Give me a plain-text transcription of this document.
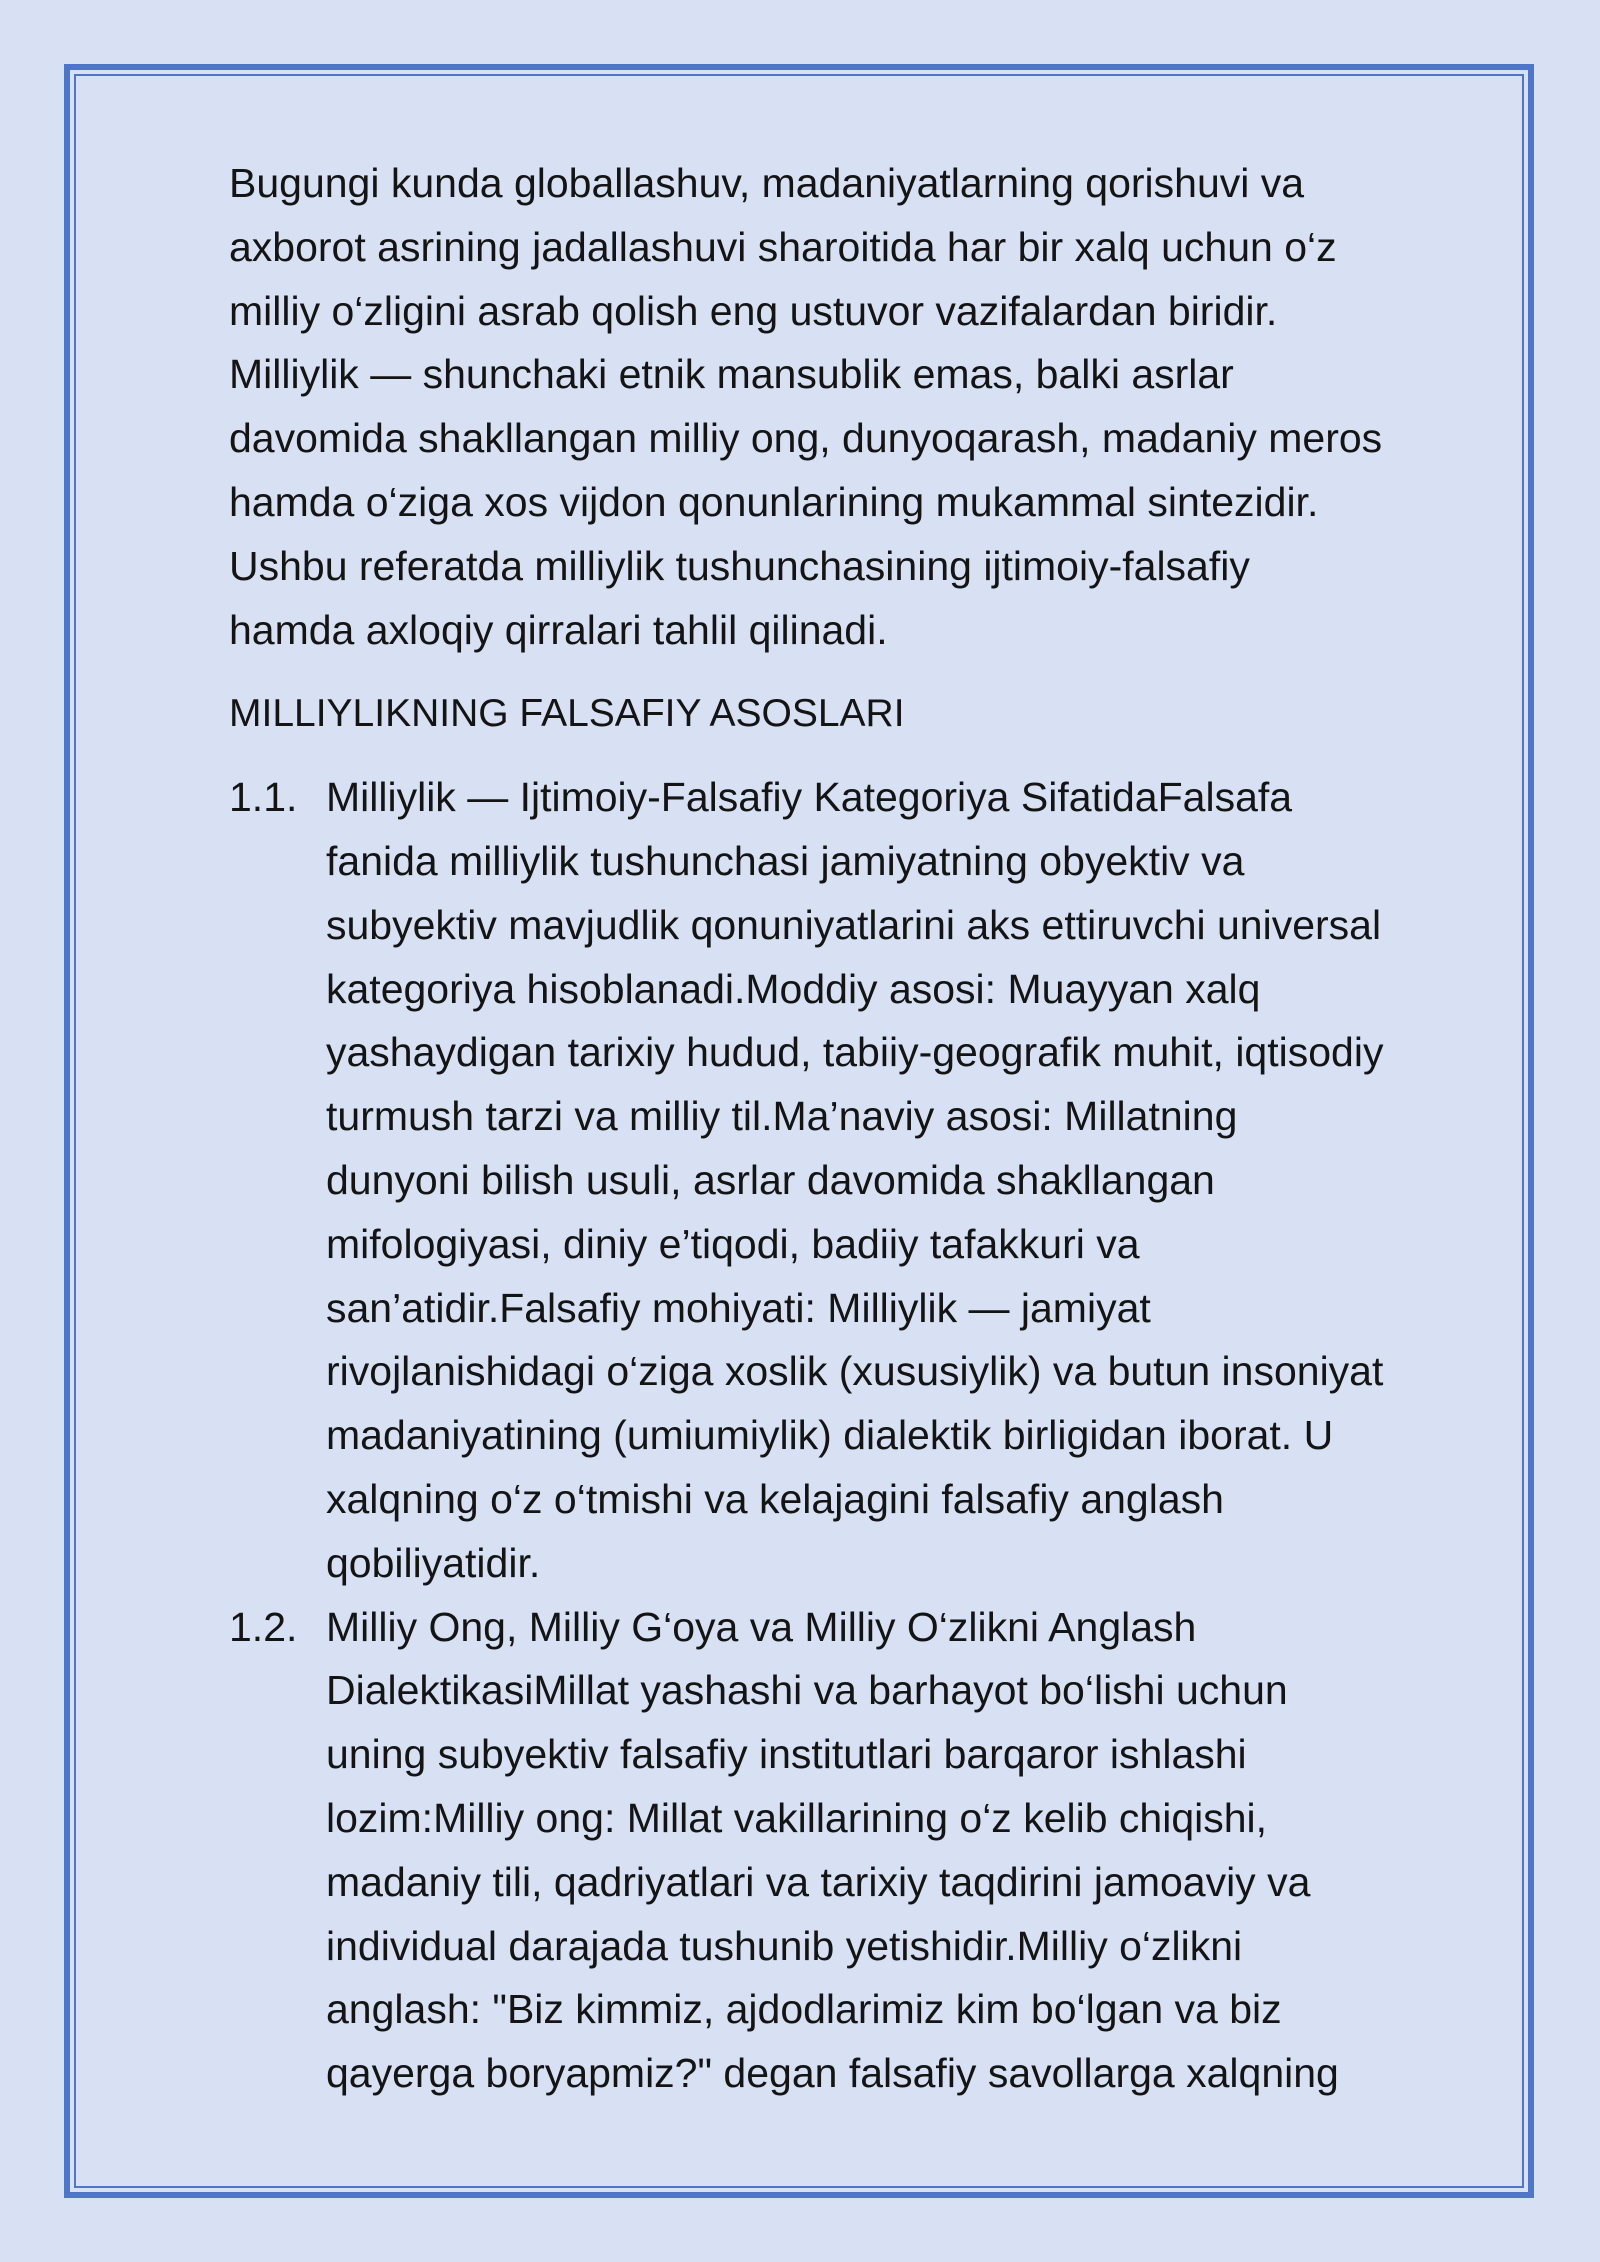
Bugungi kunda globallashuv, madaniyatlarning qorishuvi va
axborot asrining jadallashuvi sharoitida har bir xalq uchun o‘z
milliy o‘zligini asrab qolish eng ustuvor vazifalardan biridir.
Milliylik — shunchaki etnik mansublik emas, balki asrlar
davomida shakllangan milliy ong, dunyoqarash, madaniy meros
hamda o‘ziga xos vijdon qonunlarining mukammal sintezidir.
Ushbu referatda milliylik tushunchasining ijtimoiy-falsafiy
hamda axloqiy qirralari tahlil qilinadi.
MILLIYLIKNING FALSAFIY ASOSLARI
1.1. Milliylik — Ijtimoiy-Falsafiy Kategoriya SifatidaFalsafa
fanida milliylik tushunchasi jamiyatning obyektiv va
subyektiv mavjudlik qonuniyatlarini aks ettiruvchi universal
kategoriya hisoblanadi.Moddiy asosi: Muayyan xalq
yashaydigan tarixiy hudud, tabiiy-geografik muhit, iqtisodiy
turmush tarzi va milliy til.Ma’naviy asosi: Millatning
dunyoni bilish usuli, asrlar davomida shakllangan
mifologiyasi, diniy e’tiqodi, badiiy tafakkuri va
san’atidir.Falsafiy mohiyati: Milliylik — jamiyat
rivojlanishidagi o‘ziga xoslik (xususiylik) va butun insoniyat
madaniyatining (umiumiylik) dialektik birligidan iborat. U
xalqning o‘z o‘tmishi va kelajagini falsafiy anglash
qobiliyatidir.
1.2. Milliy Ong, Milliy G‘oya va Milliy O‘zlikni Anglash
DialektikasiMillat yashashi va barhayot bo‘lishi uchun
uning subyektiv falsafiy institutlari barqaror ishlashi
lozim:Milliy ong: Millat vakillarining o‘z kelib chiqishi,
madaniy tili, qadriyatlari va tarixiy taqdirini jamoaviy va
individual darajada tushunib yetishidir.Milliy o‘zlikni
anglash: "Biz kimmiz, ajdodlarimiz kim bo‘lgan va biz
qayerga boryapmiz?" degan falsafiy savollarga xalqning
